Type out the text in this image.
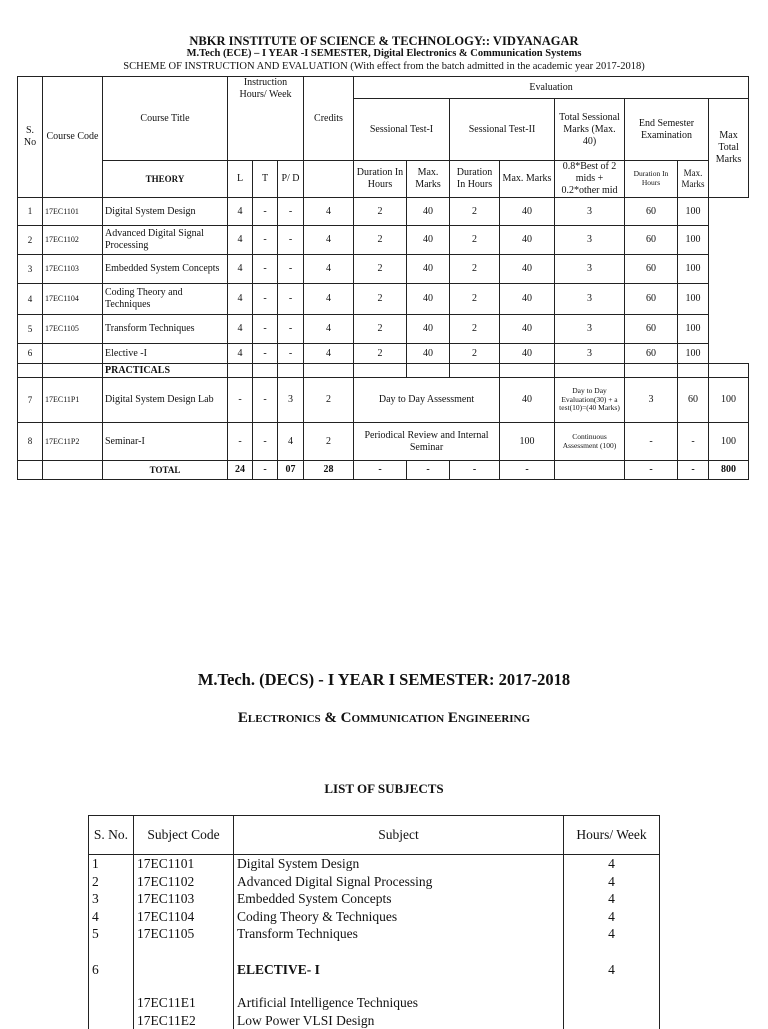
NBKR INSTITUTE OF SCIENCE & TECHNOLOGY:: VIDYANAGAR
M.Tech (ECE) – I YEAR -I SEMESTER, Digital Electronics & Communication Systems
SCHEME OF INSTRUCTION AND EVALUATION (With effect from the batch admitted in the academic year 2017-2018)
S. No	Course Code	Course Title	Instruction Hours/ Week			Credits	Evaluation							
							Sessional Test-I		Sessional Test-II		Total Sessional Marks (Max. 40)	End Semester Examination		Max Total Marks
		THEORY	L	T	P/ D		Duration In Hours	Max. Marks	Duration In Hours	Max. Marks	0.8*Best of 2 mids + 0.2*other mid	Duration In Hours	Max. Marks	
1	17EC1101	Digital System Design	4	-	-	4	2	40	2	40	3	60	100	
2	17EC1102	Advanced Digital Signal Processing	4	-	-	4	2	40	2	40	3	60	100	
3	17EC1103	Embedded System Concepts	4	-	-	4	2	40	2	40	3	60	100	
4	17EC1104	Coding Theory and Techniques	4	-	-	4	2	40	2	40	3	60	100	
5	17EC1105	Transform Techniques	4	-	-	4	2	40	2	40	3	60	100	
6		Elective -I	4	-	-	4	2	40	2	40	3	60	100	
		PRACTICALS												
7	17EC11P1	Digital System Design Lab	-	-	3	2	Day to Day Assessment			40	Day to Day Evaluation(30) + a test(10)=(40 Marks)	3	60	100
8	17EC11P2	Seminar-I	-	-	4	2	Periodical Review and Internal Seminar			100	Continuous Assessment (100)	-	-	100
		TOTAL	24	-	07	28	-	-	-	-		-	-	800
M.Tech. (DECS) - I YEAR I SEMESTER: 2017-2018
Electronics & Communication Engineering
LIST OF SUBJECTS
S. No.	Subject Code	Subject	Hours/ Week
1	17EC1101	Digital System Design	4
2	17EC1102	Advanced Digital Signal Processing	4
3	17EC1103	Embedded System Concepts	4
4	17EC1104	Coding Theory & Techniques	4
5	17EC1105	Transform Techniques	4
6		ELECTIVE- I	4
	17EC11E1	Artificial Intelligence Techniques	
	17EC11E2	Low Power VLSI Design	
